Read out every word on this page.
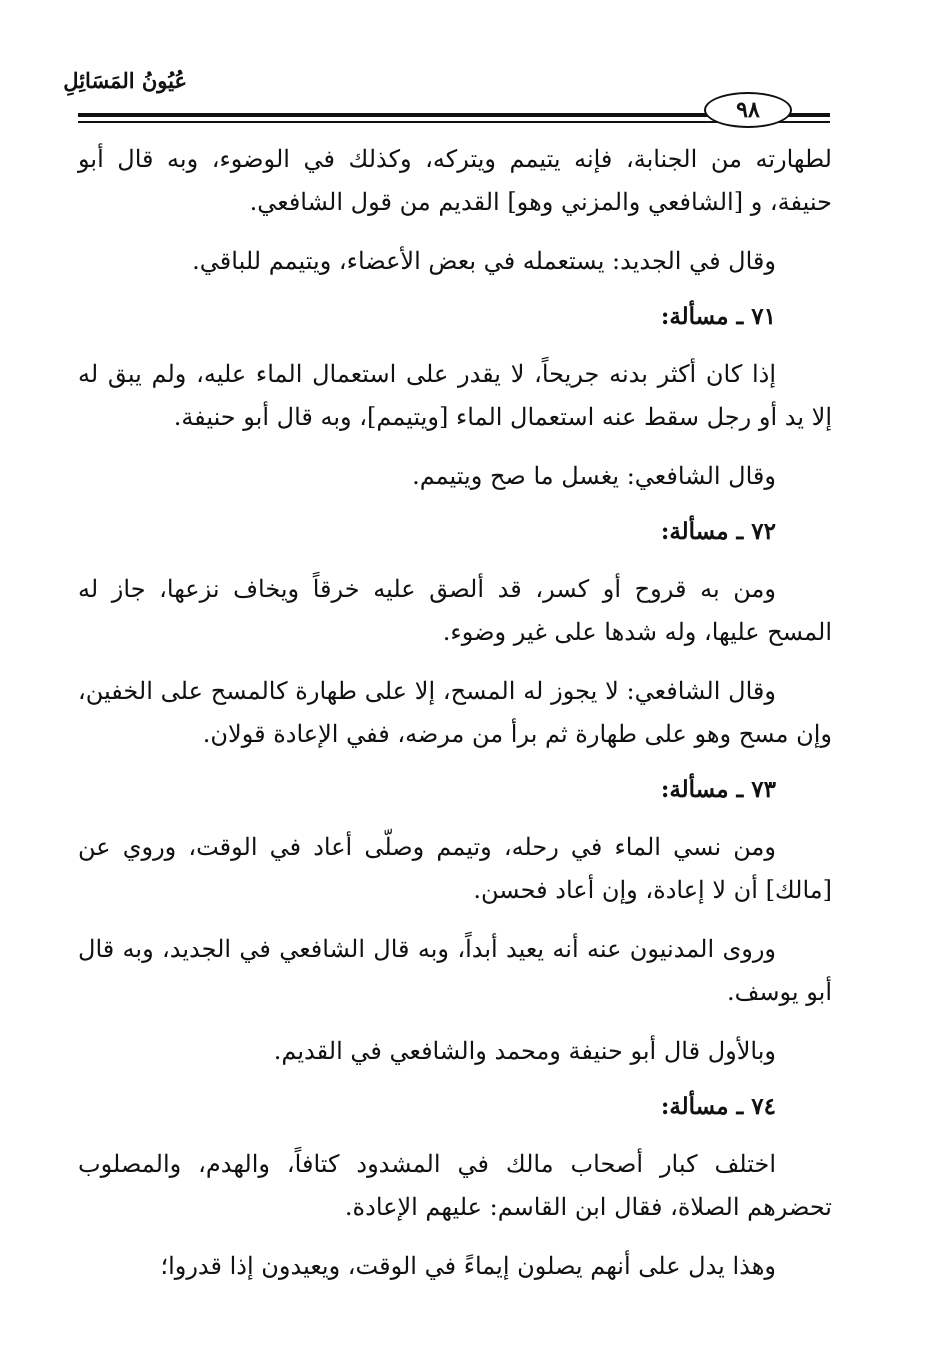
عُيُونُ المَسَائِلِ
٩٨

لطهارته من الجنابة، فإنه يتيمم ويتركه، وكذلك في الوضوء، وبه قال أبو حنيفة، و [الشافعي والمزني وهو] القديم من قول الشافعي.

وقال في الجديد: يستعمله في بعض الأعضاء، ويتيمم للباقي.

٧١ ـ مسألة:

إذا كان أكثر بدنه جريحاً، لا يقدر على استعمال الماء عليه، ولم يبق له إلا يد أو رجل سقط عنه استعمال الماء [ويتيمم]، وبه قال أبو حنيفة.

وقال الشافعي: يغسل ما صح ويتيمم.

٧٢ ـ مسألة:

ومن به قروح أو كسر، قد ألصق عليه خرقاً ويخاف نزعها، جاز له المسح عليها، وله شدها على غير وضوء.

وقال الشافعي: لا يجوز له المسح، إلا على طهارة كالمسح على الخفين، وإن مسح وهو على طهارة ثم برأ من مرضه، ففي الإعادة قولان.

٧٣ ـ مسألة:

ومن نسي الماء في رحله، وتيمم وصلّى أعاد في الوقت، وروي عن [مالك] أن لا إعادة، وإن أعاد فحسن.

وروى المدنيون عنه أنه يعيد أبداً، وبه قال الشافعي في الجديد، وبه قال أبو يوسف.

وبالأول قال أبو حنيفة ومحمد والشافعي في القديم.

٧٤ ـ مسألة:

اختلف كبار أصحاب مالك في المشدود كتافاً، والهدم، والمصلوب تحضرهم الصلاة، فقال ابن القاسم: عليهم الإعادة.

وهذا يدل على أنهم يصلون إيماءً في الوقت، ويعيدون إذا قدروا؛
